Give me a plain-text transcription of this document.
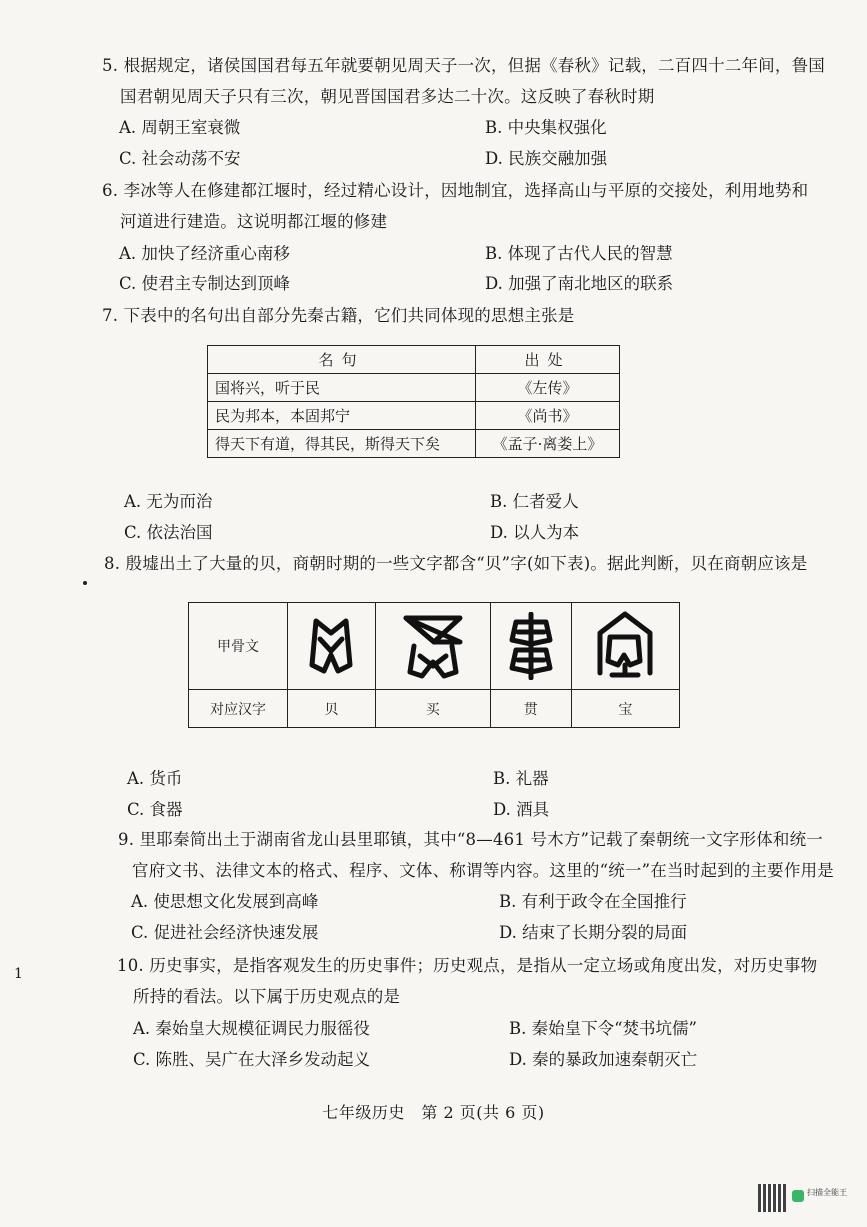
5. 根据规定，诸侯国国君每五年就要朝见周天子一次，但据《春秋》记载，二百四十二年间，鲁国
国君朝见周天子只有三次，朝见晋国国君多达二十次。这反映了春秋时期
A. 周朝王室衰微	B. 中央集权强化
C. 社会动荡不安	D. 民族交融加强
6. 李冰等人在修建都江堰时，经过精心设计，因地制宜，选择高山与平原的交接处，利用地势和
河道进行建造。这说明都江堰的修建
A. 加快了经济重心南移	B. 体现了古代人民的智慧
C. 使君主专制达到顶峰	D. 加强了南北地区的联系
7. 下表中的名句出自部分先秦古籍，它们共同体现的思想主张是
名句	出处
国将兴，听于民	《左传》
民为邦本，本固邦宁	《尚书》
得天下有道，得其民，斯得天下矣	《孟子·离娄上》
A. 无为而治	B. 仁者爱人
C. 依法治国	D. 以人为本
8. 殷墟出土了大量的贝，商朝时期的一些文字都含“贝”字(如下表)。据此判断，贝在商朝应该是
甲骨文	

对应汉字	贝	买	贯	宝
A. 货币	B. 礼器
C. 食器	D. 酒具
9. 里耶秦简出土于湖南省龙山县里耶镇，其中“8—461 号木方”记载了秦朝统一文字形体和统一
官府文书、法律文本的格式、程序、文体、称谓等内容。这里的“统一”在当时起到的主要作用是
A. 使思想文化发展到高峰	B. 有利于政令在全国推行
C. 促进社会经济快速发展	D. 结束了长期分裂的局面
1	10. 历史事实，是指客观发生的历史事件；历史观点，是指从一定立场或角度出发，对历史事物
所持的看法。以下属于历史观点的是
A. 秦始皇大规模征调民力服徭役	B. 秦始皇下令“焚书坑儒”
C. 陈胜、吴广在大泽乡发动起义	D. 秦的暴政加速秦朝灭亡
七年级历史　第 2 页(共 6 页)
扫描全能王
